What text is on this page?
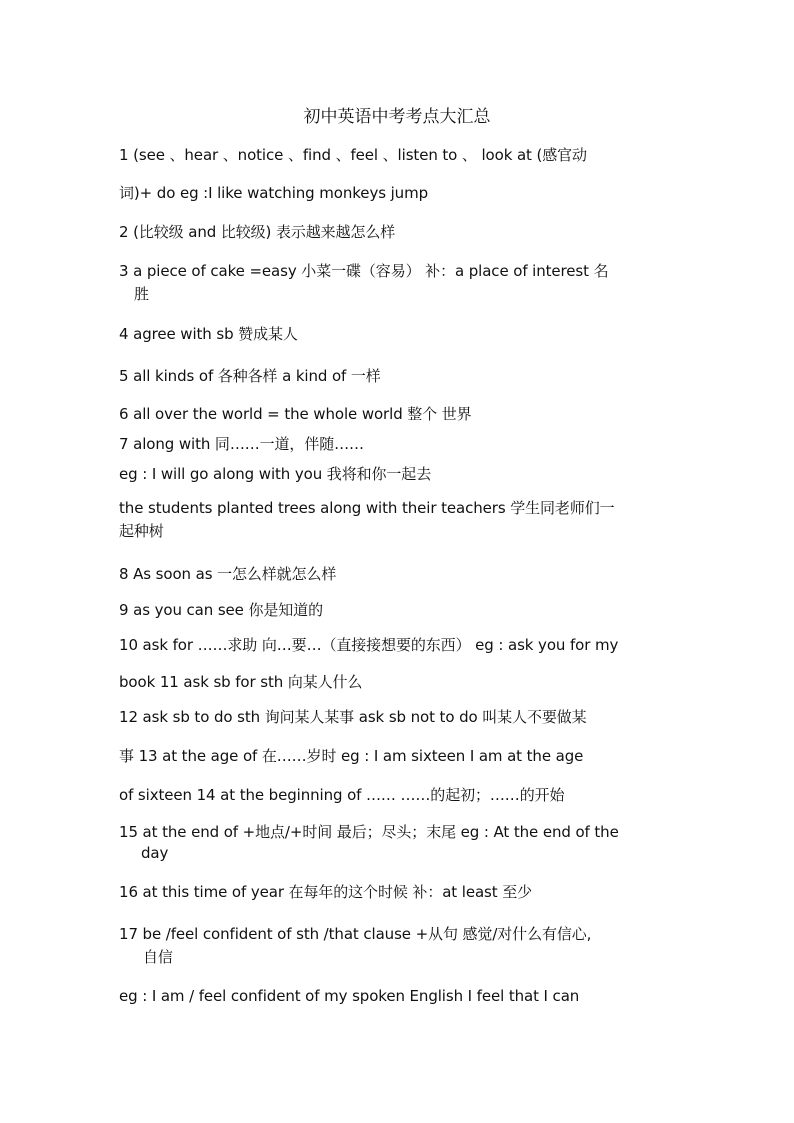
初中英语中考考点大汇总
1 (see 、hear 、notice 、find 、feel 、listen to 、 look at (感官动
词)+ do eg :I like watching monkeys jump
2 (比较级 and 比较级) 表示越来越怎么样
3 a piece of cake =easy 小菜一碟（容易） 补：a place of interest 名
胜
4 agree with sb 赞成某人
5 all kinds of 各种各样 a kind of 一样
6 all over the world = the whole world 整个 世界
7 along with 同……一道，伴随……
eg : I will go along with you 我将和你一起去
the students planted trees along with their teachers 学生同老师们一
起种树
8 As soon as 一怎么样就怎么样
9 as you can see 你是知道的
10 ask for ……求助 向…要…（直接接想要的东西） eg : ask you for my
book 11 ask sb for sth 向某人什么
12 ask sb to do sth 询问某人某事 ask sb not to do 叫某人不要做某
事 13 at the age of 在……岁时 eg : I am sixteen I am at the age
of sixteen 14 at the beginning of …… ……的起初；……的开始
15 at the end of +地点/+时间 最后；尽头；末尾 eg : At the end of the
day
16 at this time of year 在每年的这个时候 补：at least 至少
17 be /feel confident of sth /that clause +从句 感觉/对什么有信心,
自信
eg : I am / feel confident of my spoken English I feel that I can
